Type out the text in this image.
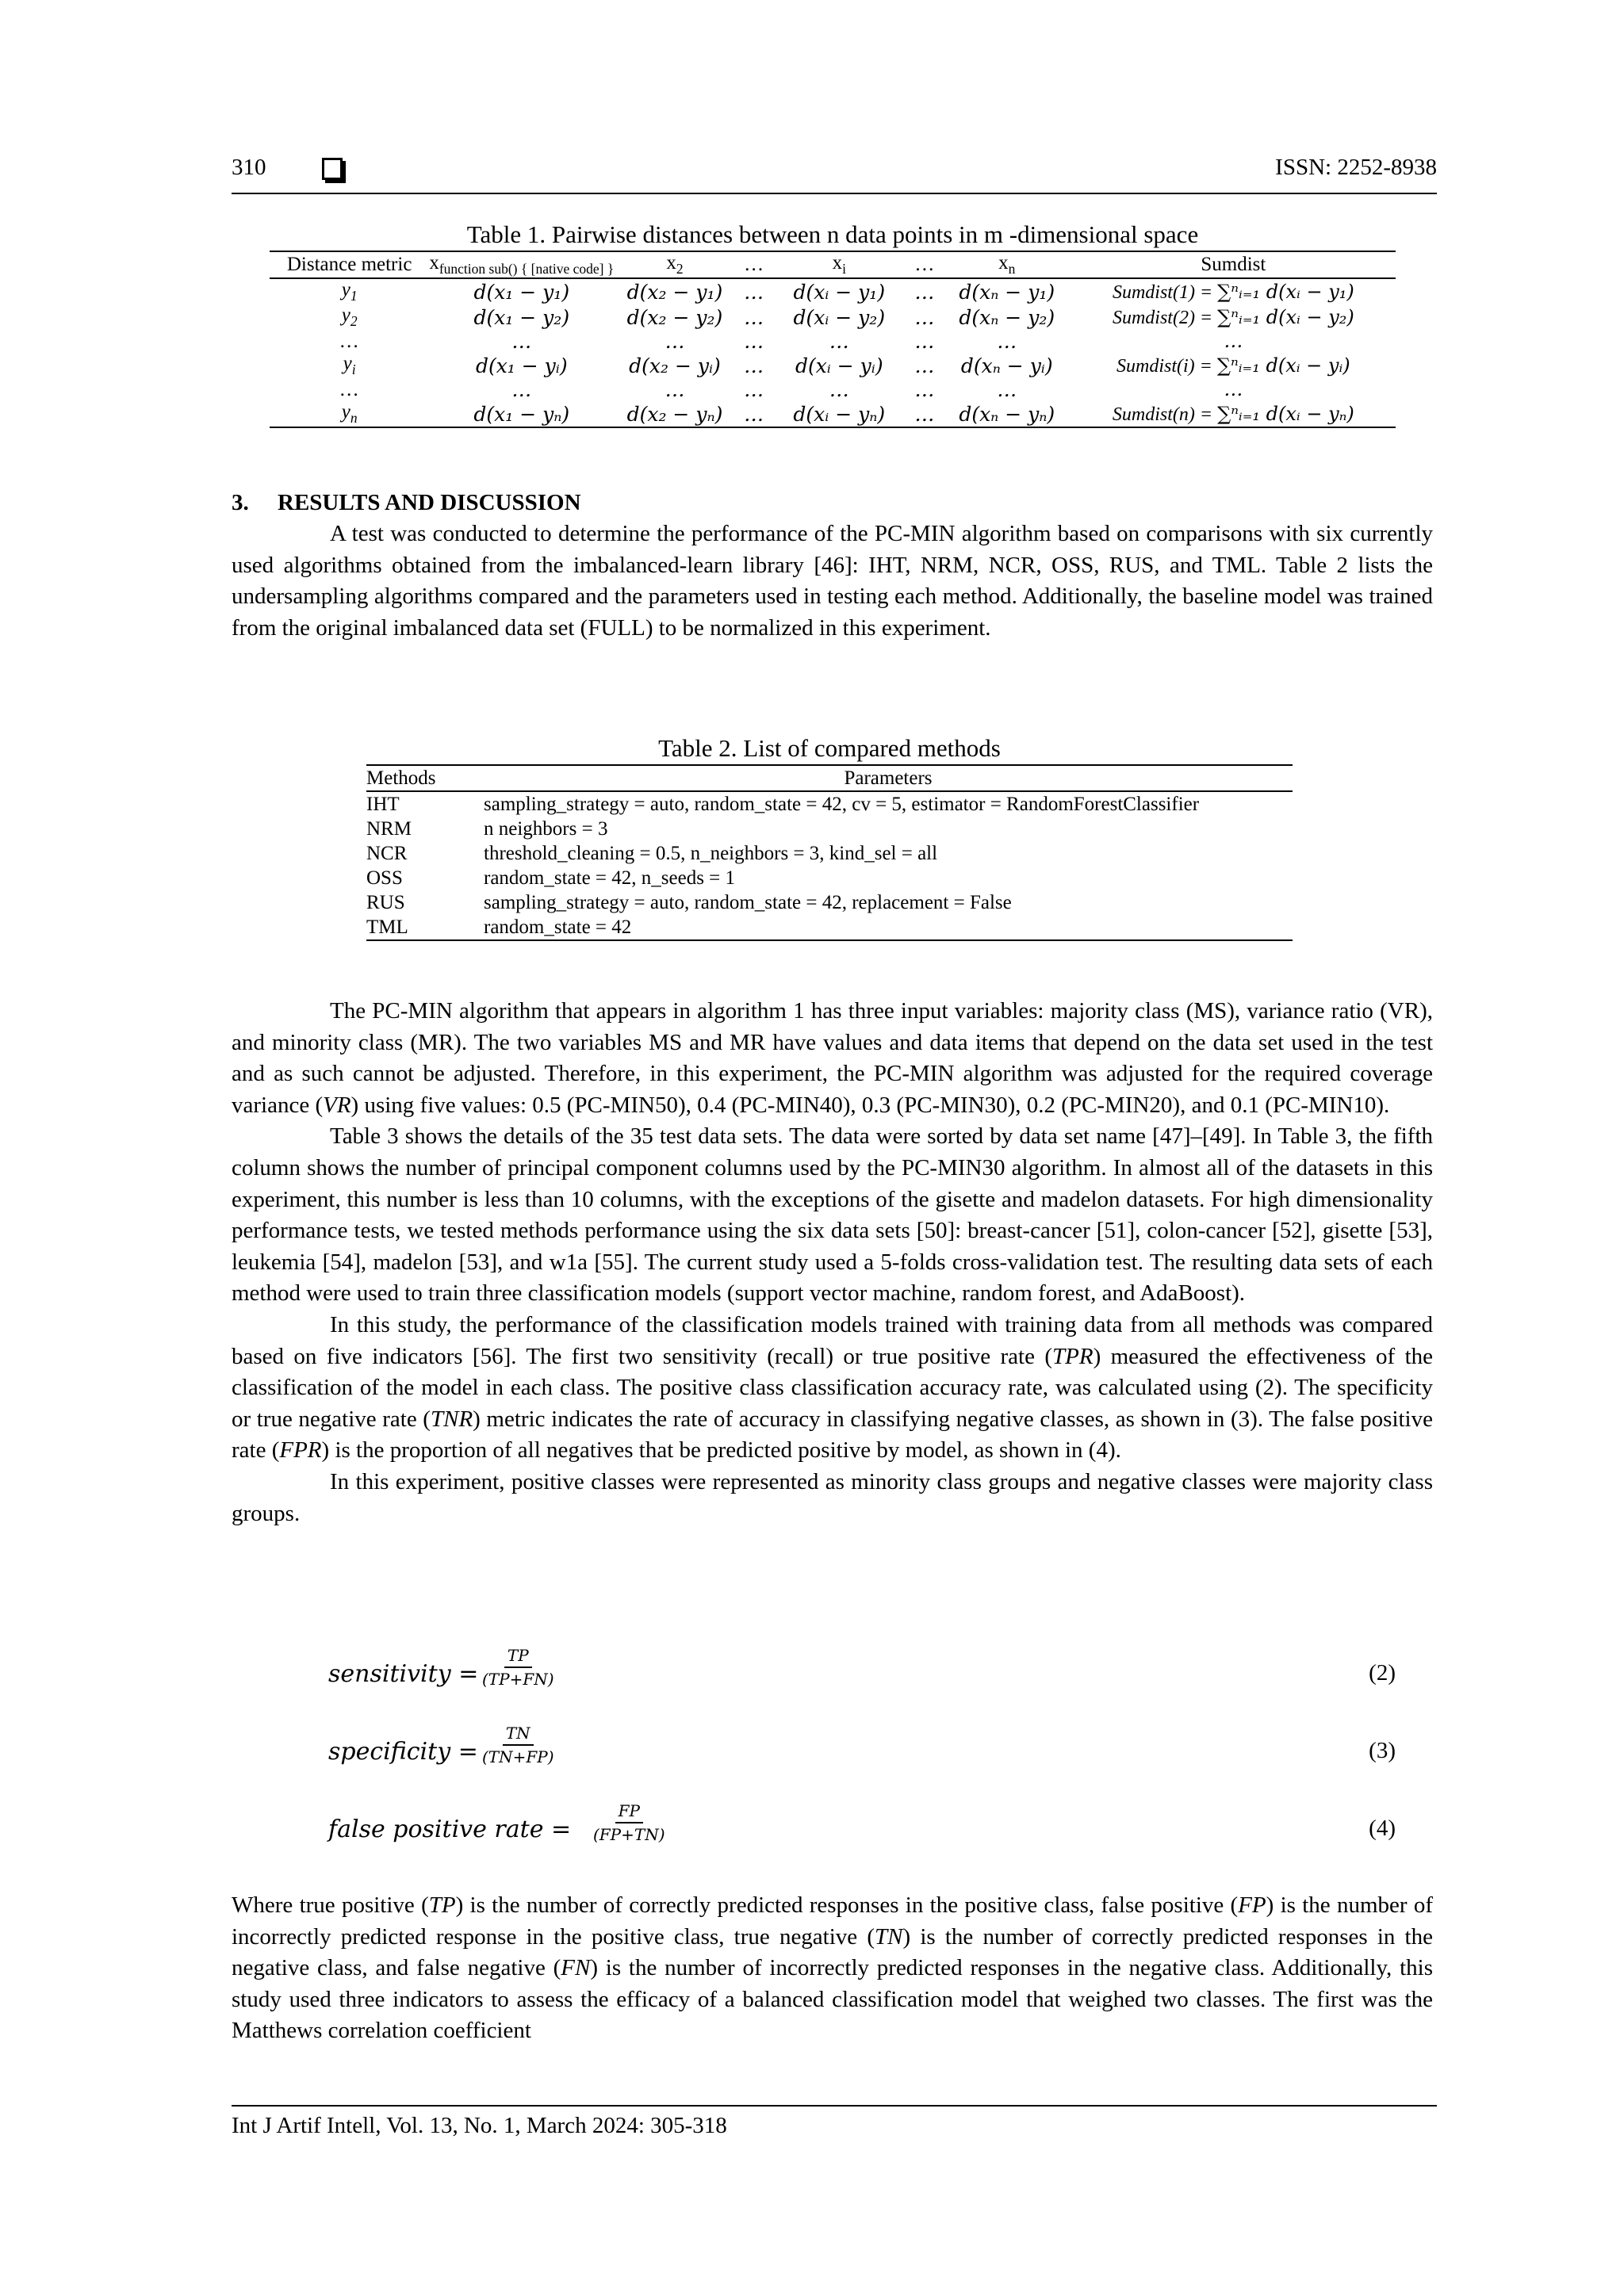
310	ISSN: 2252-8938
Table 1. Pairwise distances between n data points in m -dimensional space
Distance metric	$x_{function sub() \{ [native code] \}}$	$x_2$	…	$x_i$	…	$x_n$	Sumdist
$y_1$	d(x₁ − y₁)	d(x₂ − y₁)	…	d(xᵢ − y₁)	…	d(xₙ − y₁)	Sumdist(1) = ∑ⁿᵢ₌₁ d(xᵢ − y₁)
$y_2$	d(x₁ − y₂)	d(x₂ − y₂)	…	d(xᵢ − y₂)	…	d(xₙ − y₂)	Sumdist(2) = ∑ⁿᵢ₌₁ d(xᵢ − y₂)
…	…	…	…	…	…	…	…
$y_i$	d(x₁ − yᵢ)	d(x₂ − yᵢ)	…	d(xᵢ − yᵢ)	…	d(xₙ − yᵢ)	Sumdist(i) = ∑ⁿᵢ₌₁ d(xᵢ − yᵢ)
…	…	…	…	…	…	…	…
$y_n$	d(x₁ − yₙ)	d(x₂ − yₙ)	…	d(xᵢ − yₙ)	…	d(xₙ − yₙ)	Sumdist(n) = ∑ⁿᵢ₌₁ d(xᵢ − yₙ)
3.     RESULTS AND DISCUSSION

A test was conducted to determine the performance of the PC-MIN algorithm based on comparisons with six currently used algorithms obtained from the imbalanced-learn library [46]: IHT, NRM, NCR, OSS, RUS, and TML. Table 2 lists the undersampling algorithms compared and the parameters used in testing each method. Additionally, the baseline model was trained from the original imbalanced data set (FULL) to be normalized in this experiment.

Table 2. List of compared methods
Methods	Parameters
IHT	sampling_strategy = auto, random_state = 42, cv = 5, estimator = RandomForestClassifier
NRM	n neighbors = 3
NCR	threshold_cleaning = 0.5, n_neighbors = 3, kind_sel = all
OSS	random_state = 42, n_seeds = 1
RUS	sampling_strategy = auto, random_state = 42, replacement = False
TML	random_state = 42

The PC-MIN algorithm that appears in algorithm 1 has three input variables: majority class (MS), variance ratio (VR), and minority class (MR). The two variables MS and MR have values and data items that depend on the data set used in the test and as such cannot be adjusted. Therefore, in this experiment, the PC-MIN algorithm was adjusted for the required coverage variance (VR) using five values: 0.5 (PC-MIN50), 0.4 (PC-MIN40), 0.3 (PC-MIN30), 0.2 (PC-MIN20), and 0.1 (PC-MIN10).

Table 3 shows the details of the 35 test data sets. The data were sorted by data set name [47]–[49]. In Table 3, the fifth column shows the number of principal component columns used by the PC-MIN30 algorithm. In almost all of the datasets in this experiment, this number is less than 10 columns, with the exceptions of the gisette and madelon datasets. For high dimensionality performance tests, we tested methods performance using the six data sets [50]: breast-cancer [51], colon-cancer [52], gisette [53], leukemia [54], madelon [53], and w1a [55]. The current study used a 5-folds cross-validation test. The resulting data sets of each method were used to train three classification models (support vector machine, random forest, and AdaBoost).

In this study, the performance of the classification models trained with training data from all methods was compared based on five indicators [56]. The first two sensitivity (recall) or true positive rate (TPR) measured the effectiveness of the classification of the model in each class. The positive class classification accuracy rate, was calculated using (2). The specificity or true negative rate (TNR) metric indicates the rate of accuracy in classifying negative classes, as shown in (3). The false positive rate (FPR) is the proportion of all negatives that be predicted positive by model, as shown in (4).

In this experiment, positive classes were represented as minority class groups and negative classes were majority class groups.

sensitivity = $\frac{TP}{(TP+FN)}$	(2)
specificity = $\frac{TN}{(TN+FP)}$	(3)
false positive rate = $\frac{FP}{(FP+TN)}$	(4)

Where true positive (TP) is the number of correctly predicted responses in the positive class, false positive (FP) is the number of incorrectly predicted response in the positive class, true negative (TN) is the number of correctly predicted responses in the negative class, and false negative (FN) is the number of incorrectly predicted responses in the negative class. Additionally, this study used three indicators to assess the efficacy of a balanced classification model that weighed two classes. The first was the Matthews correlation coefficient

Int J Artif Intell, Vol. 13, No. 1, March 2024: 305-318
